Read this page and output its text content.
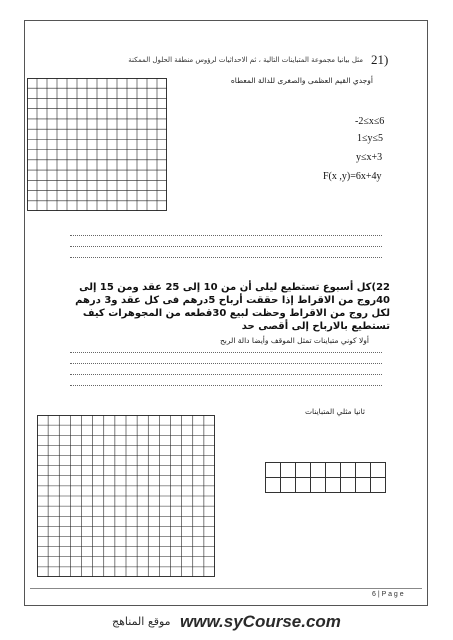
21)
مثل بيانيا مجموعة المتباينات التالية ، ثم الاحداثيات لرؤوس منطقة الحلول الممكنة
أوجدي القيم العظمى والصغرى للدالة المعطاه
-2≤x≤6
1≤y≤5
y≤x+3
F(x ,y)=6x+4y
22)كل أسبوع تستطيع ليلى أن من 10 إلى 25 عقد ومن 15 إلى 40روج من الاقراط إذا حققت أرباح 5درهم فى كل عقد و3 درهم لكل روج من الاقراط وحظت لبيع 30قطعه من المجوهرات كيف تستطيع بالارباح إلى أقصى حد
أولا كوني متباينات تمثل الموقف وأيضا دالة الربح
ثانيا مثلي المتباينات

6 | P a g e
www.syCourse.com
موقع المناهج
